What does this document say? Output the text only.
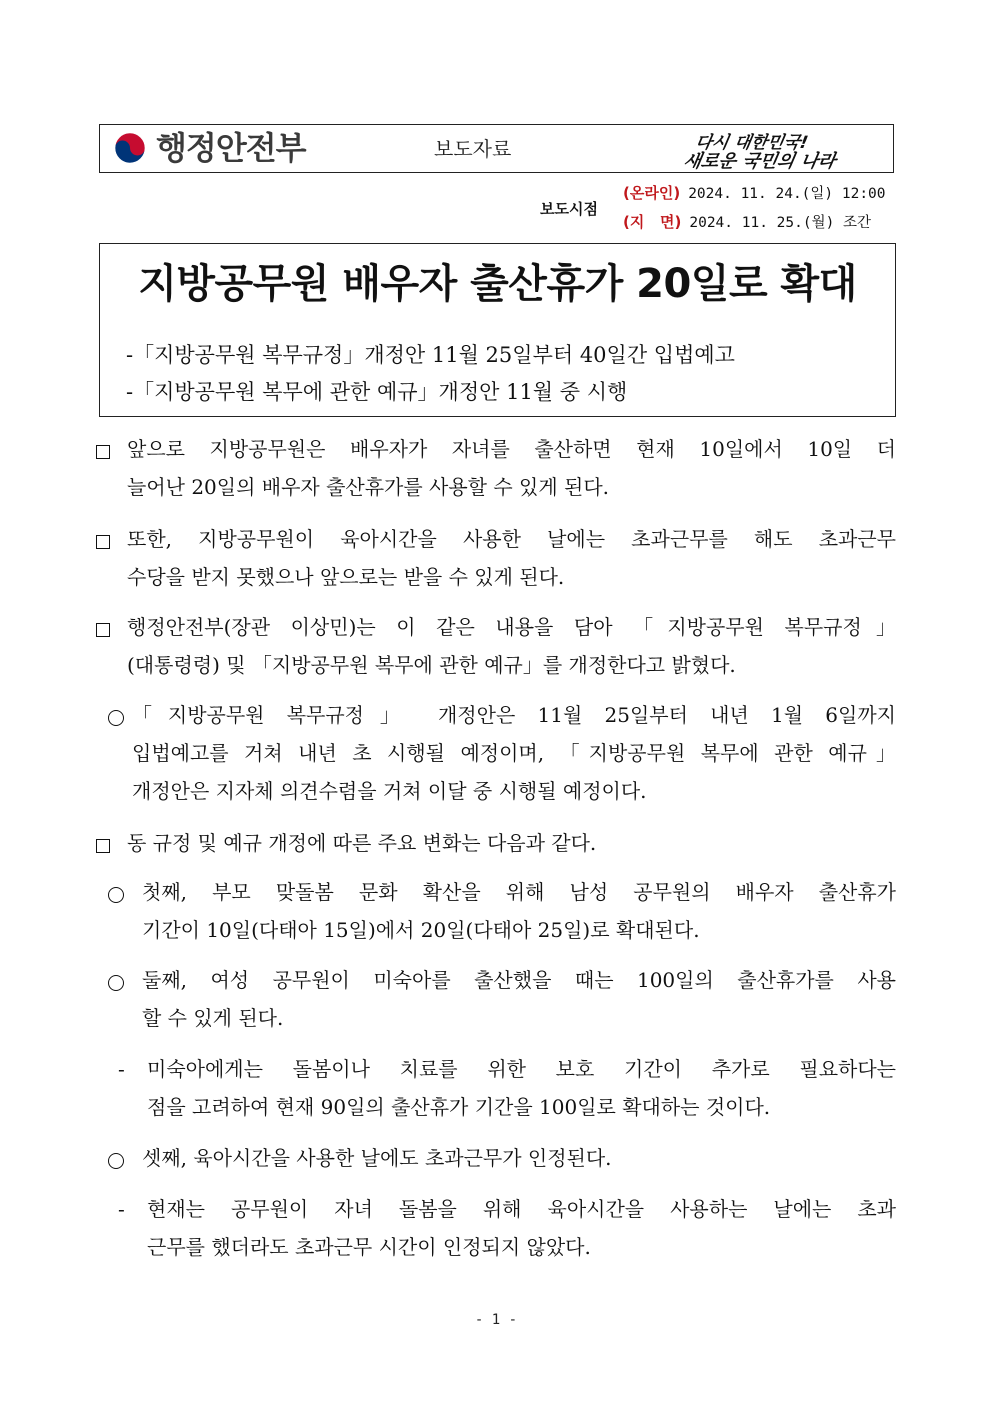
행정안전부	보도자료	다시 대한민국!
새로운 국민의 나라
보도시점
(온라인) 2024. 11. 24.(일) 12:00
(지   면) 2024. 11. 25.(월) 조간
지방공무원 배우자 출산휴가 20일로 확대
-「지방공무원 복무규정」개정안 11월 25일부터 40일간 입법예고
-「지방공무원 복무에 관한 예규」개정안 11월 중 시행
앞으로 지방공무원은 배우자가 자녀를 출산하면 현재 10일에서 10일 더
늘어난 20일의 배우자 출산휴가를 사용할 수 있게 된다.
또한, 지방공무원이 육아시간을 사용한 날에는 초과근무를 해도 초과근무
수당을 받지 못했으나 앞으로는 받을 수 있게 된다.
행정안전부(장관 이상민)는 이 같은 내용을 담아 「지방공무원 복무규정」
(대통령령) 및 「지방공무원 복무에 관한 예규」를 개정한다고 밝혔다.
「지방공무원 복무규정」 개정안은 11월 25일부터 내년 1월 6일까지
입법예고를 거쳐 내년 초 시행될 예정이며, 「지방공무원 복무에 관한 예규」
개정안은 지자체 의견수렴을 거쳐 이달 중 시행될 예정이다.
동 규정 및 예규 개정에 따른 주요 변화는 다음과 같다.
첫째, 부모 맞돌봄 문화 확산을 위해 남성 공무원의 배우자 출산휴가
기간이 10일(다태아 15일)에서 20일(다태아 25일)로 확대된다.
둘째, 여성 공무원이 미숙아를 출산했을 때는 100일의 출산휴가를 사용
할 수 있게 된다.
- 미숙아에게는 돌봄이나 치료를 위한 보호 기간이 추가로 필요하다는
점을 고려하여 현재 90일의 출산휴가 기간을 100일로 확대하는 것이다.
셋째, 육아시간을 사용한 날에도 초과근무가 인정된다.
- 현재는 공무원이 자녀 돌봄을 위해 육아시간을 사용하는 날에는 초과
근무를 했더라도 초과근무 시간이 인정되지 않았다.
- 1 -
